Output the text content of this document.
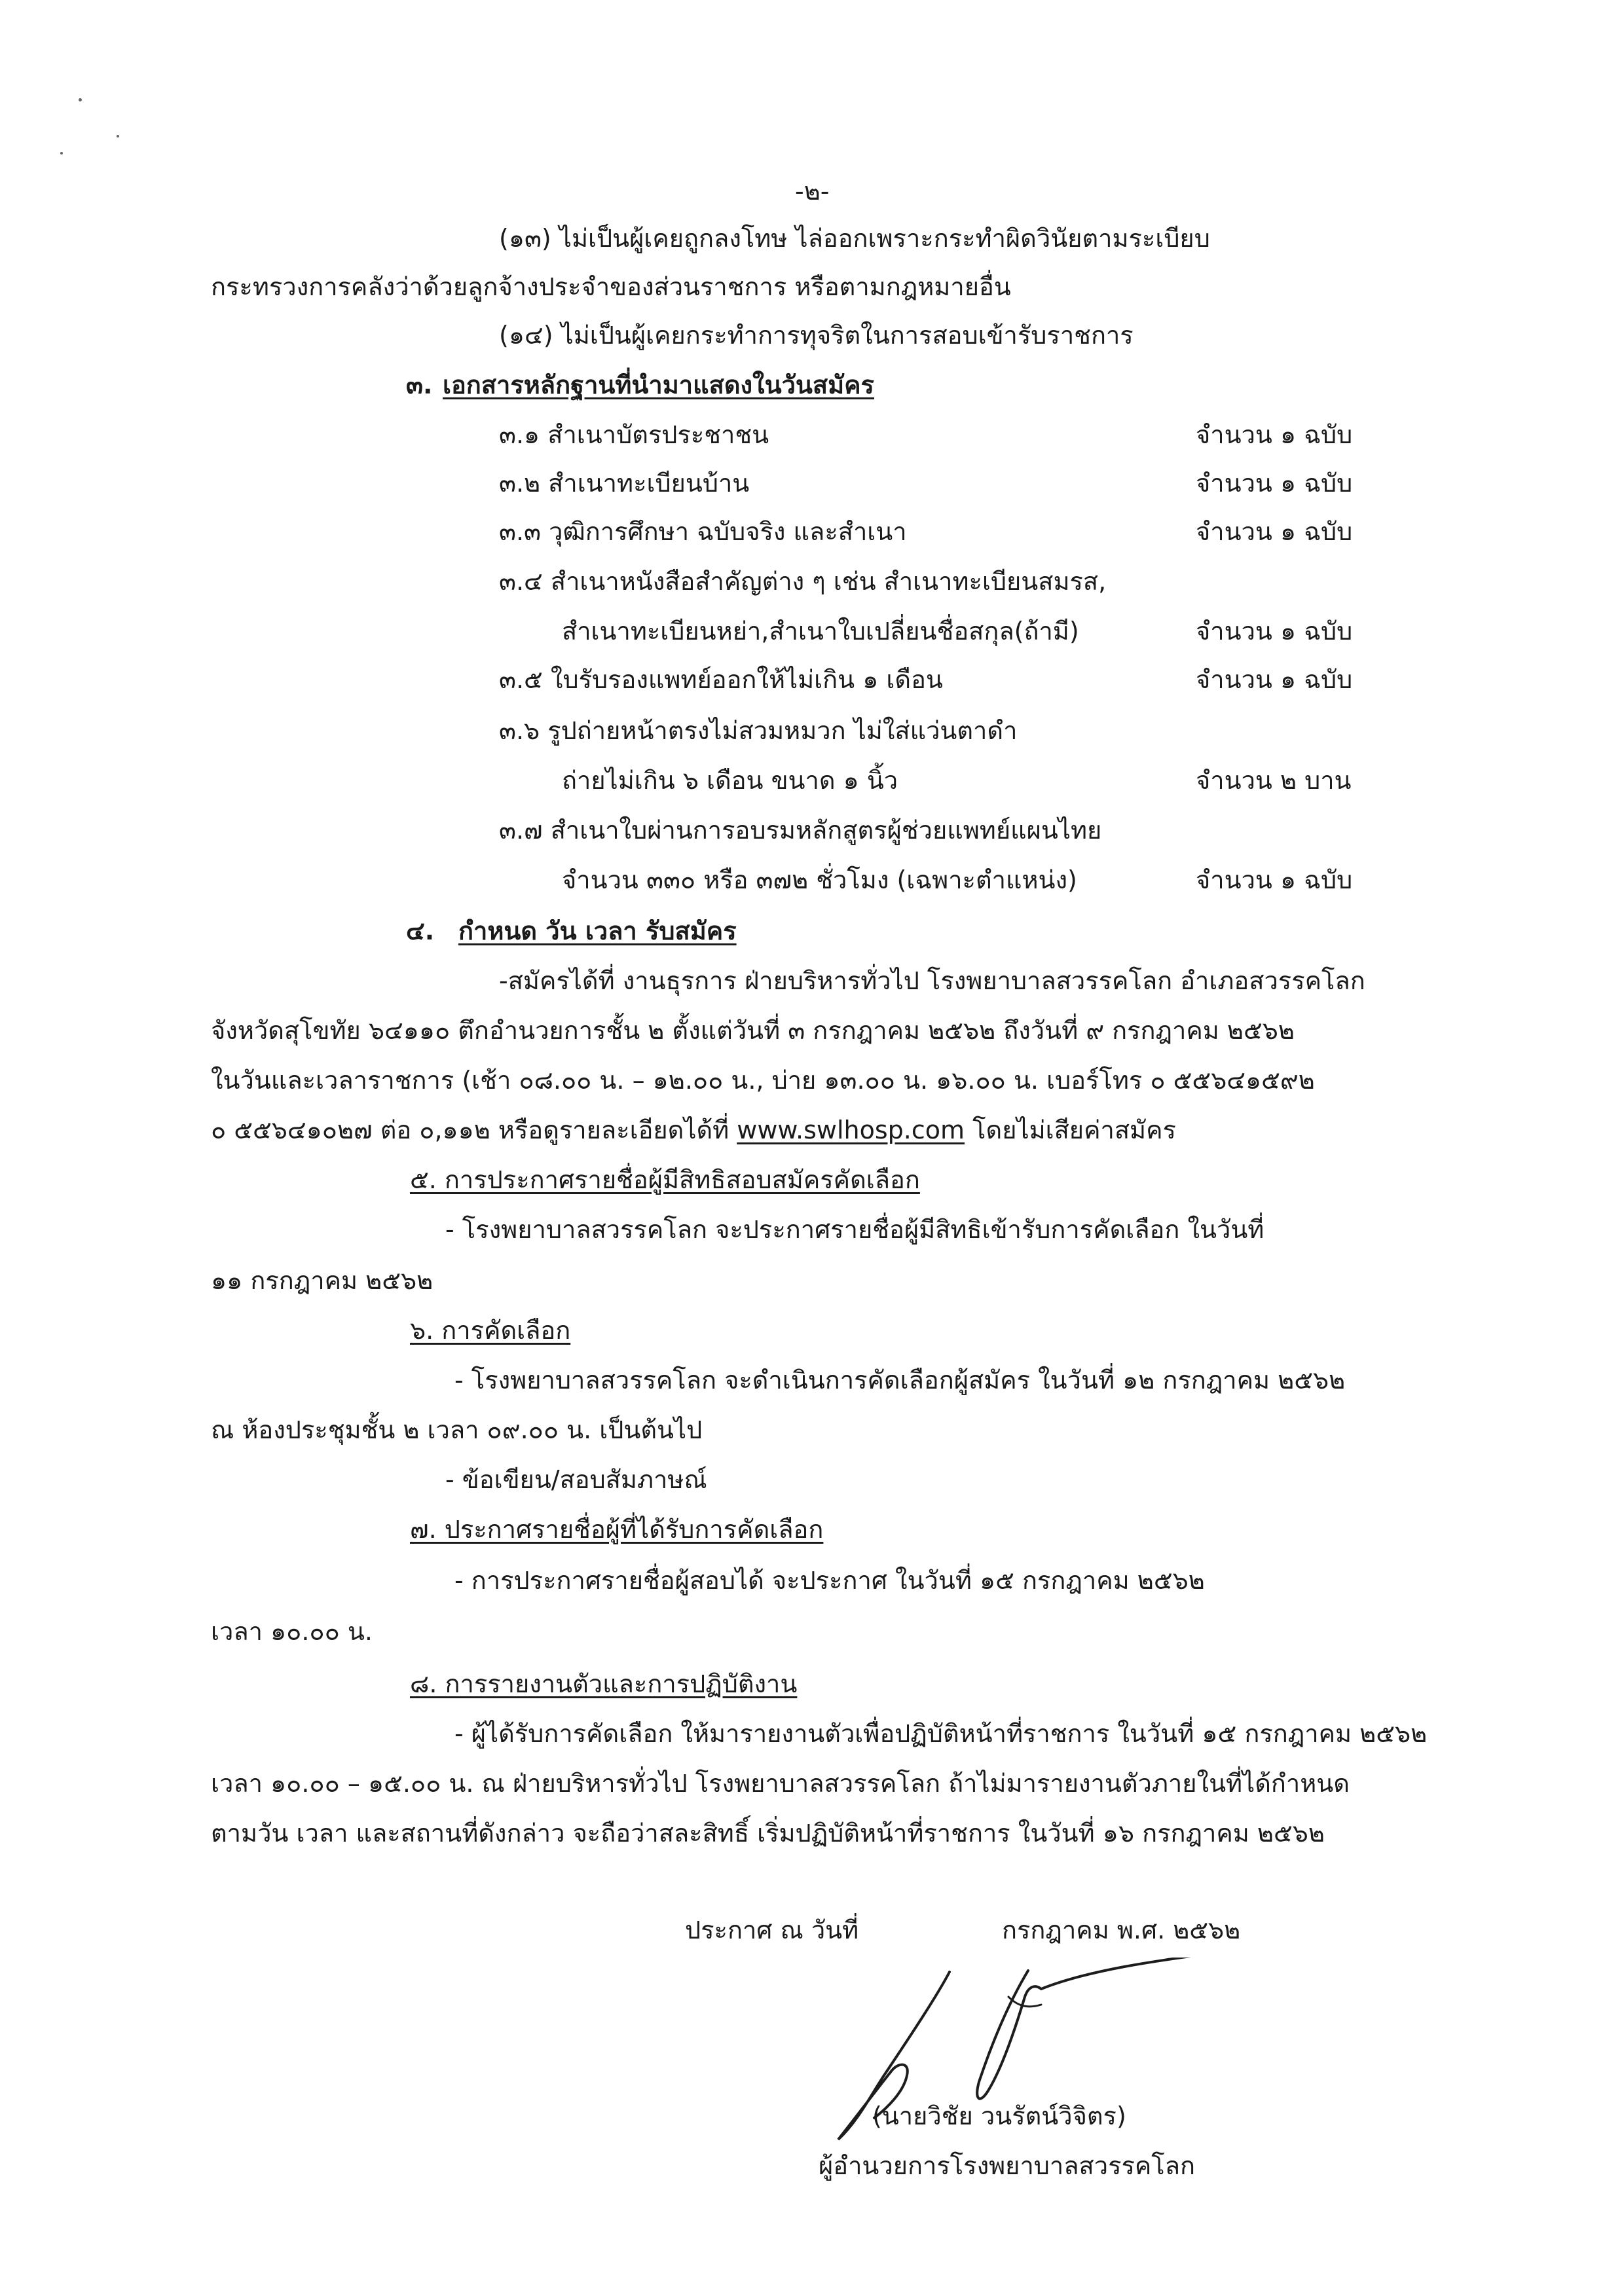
-๒-
(๑๓) ไม่เป็นผู้เคยถูกลงโทษ ไล่ออกเพราะกระทำผิดวินัยตามระเบียบ
กระทรวงการคลังว่าด้วยลูกจ้างประจำของส่วนราชการ หรือตามกฎหมายอื่น
(๑๔) ไม่เป็นผู้เคยกระทำการทุจริตในการสอบเข้ารับราชการ
๓. เอกสารหลักฐานที่นำมาแสดงในวันสมัคร
๓.๑ สำเนาบัตรประชาชน	จำนวน ๑ ฉบับ
๓.๒ สำเนาทะเบียนบ้าน	จำนวน ๑ ฉบับ
๓.๓ วุฒิการศึกษา ฉบับจริง และสำเนา	จำนวน ๑ ฉบับ
๓.๔ สำเนาหนังสือสำคัญต่าง ๆ เช่น สำเนาทะเบียนสมรส,
สำเนาทะเบียนหย่า,สำเนาใบเปลี่ยนชื่อสกุล(ถ้ามี)	จำนวน ๑ ฉบับ
๓.๕ ใบรับรองแพทย์ออกให้ไม่เกิน ๑ เดือน	จำนวน ๑ ฉบับ
๓.๖ รูปถ่ายหน้าตรงไม่สวมหมวก ไม่ใส่แว่นตาดำ
ถ่ายไม่เกิน ๖ เดือน ขนาด ๑ นิ้ว	จำนวน ๒ บาน
๓.๗ สำเนาใบผ่านการอบรมหลักสูตรผู้ช่วยแพทย์แผนไทย
จำนวน ๓๓๐ หรือ ๓๗๒ ชั่วโมง (เฉพาะตำแหน่ง)	จำนวน ๑ ฉบับ
๔. กำหนด วัน เวลา รับสมัคร
-สมัครได้ที่ งานธุรการ ฝ่ายบริหารทั่วไป โรงพยาบาลสวรรคโลก อำเภอสวรรคโลก
จังหวัดสุโขทัย ๖๔๑๑๐ ตึกอำนวยการชั้น ๒ ตั้งแต่วันที่ ๓ กรกฎาคม ๒๕๖๒ ถึงวันที่ ๙ กรกฎาคม ๒๕๖๒
ในวันและเวลาราชการ (เช้า ๐๘.๐๐ น. – ๑๒.๐๐ น., บ่าย ๑๓.๐๐ น. ๑๖.๐๐ น. เบอร์โทร ๐ ๕๕๖๔๑๕๙๒
๐ ๕๕๖๔๑๐๒๗ ต่อ ๐,๑๑๒ หรือดูรายละเอียดได้ที่ www.swlhosp.com โดยไม่เสียค่าสมัคร
๕. การประกาศรายชื่อผู้มีสิทธิสอบสมัครคัดเลือก
- โรงพยาบาลสวรรคโลก จะประกาศรายชื่อผู้มีสิทธิเข้ารับการคัดเลือก ในวันที่
๑๑ กรกฎาคม ๒๕๖๒
๖. การคัดเลือก
- โรงพยาบาลสวรรคโลก จะดำเนินการคัดเลือกผู้สมัคร ในวันที่ ๑๒ กรกฎาคม ๒๕๖๒
ณ ห้องประชุมชั้น ๒ เวลา ๐๙.๐๐ น. เป็นต้นไป
- ข้อเขียน/สอบสัมภาษณ์
๗. ประกาศรายชื่อผู้ที่ได้รับการคัดเลือก
- การประกาศรายชื่อผู้สอบได้ จะประกาศ ในวันที่ ๑๕ กรกฎาคม ๒๕๖๒
เวลา ๑๐.๐๐ น.
๘. การรายงานตัวและการปฏิบัติงาน
- ผู้ได้รับการคัดเลือก ให้มารายงานตัวเพื่อปฏิบัติหน้าที่ราชการ ในวันที่ ๑๕ กรกฎาคม ๒๕๖๒
เวลา ๑๐.๐๐ – ๑๕.๐๐ น. ณ ฝ่ายบริหารทั่วไป โรงพยาบาลสวรรคโลก ถ้าไม่มารายงานตัวภายในที่ได้กำหนด
ตามวัน เวลา และสถานที่ดังกล่าว จะถือว่าสละสิทธิ์ เริ่มปฏิบัติหน้าที่ราชการ ในวันที่ ๑๖ กรกฎาคม ๒๕๖๒
ประกาศ ณ วันที่	กรกฎาคม พ.ศ. ๒๕๖๒
(นายวิชัย วนรัตน์วิจิตร)
ผู้อำนวยการโรงพยาบาลสวรรคโลก
